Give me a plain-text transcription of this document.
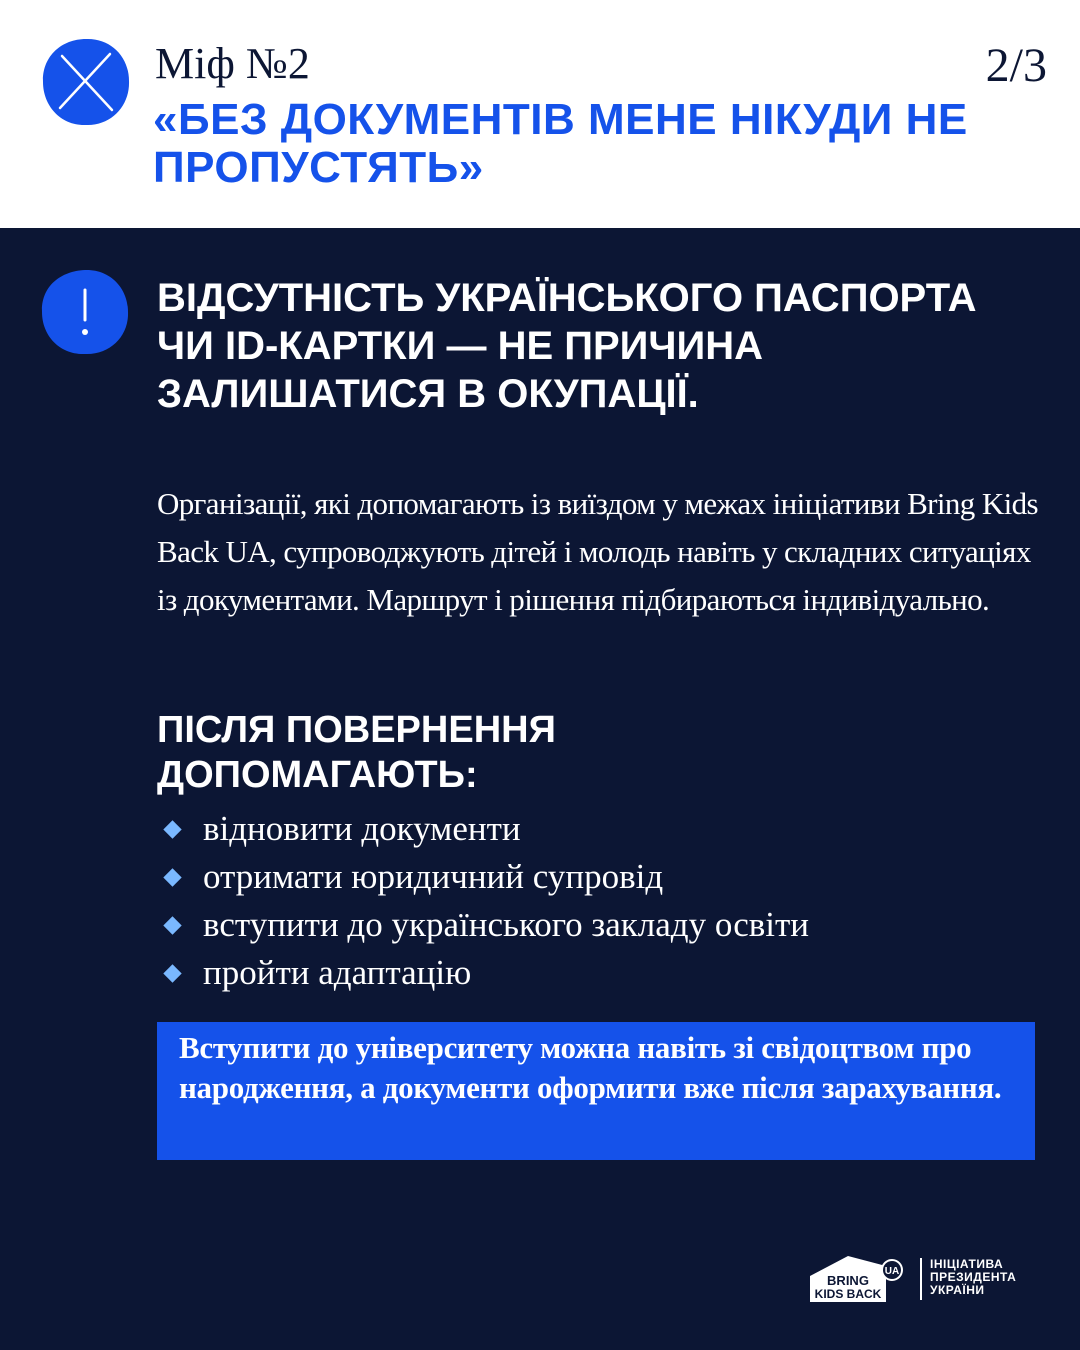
Міф №2	2/3
«БЕЗ ДОКУМЕНТІВ МЕНЕ НІКУДИ НЕ ПРОПУСТЯТЬ»
ВІДСУТНІСТЬ УКРАЇНСЬКОГО ПАСПОРТА ЧИ ID-КАРТКИ — НЕ ПРИЧИНА ЗАЛИШАТИСЯ В ОКУПАЦІЇ.
Організації, які допомагають із виїздом у межах ініціативи Bring Kids Back UA, супроводжують дітей і молодь навіть у складних ситуаціях із документами. Маршрут і рішення підбираються індивідуально.
ПІСЛЯ ПОВЕРНЕННЯ ДОПОМАГАЮТЬ:
відновити документи
отримати юридичний супровід
вступити до українського закладу освіти
пройти адаптацію
Вступити до університету можна навіть зі свідоцтвом про народження, а документи оформити вже після зарахування.
UA
BRING
KIDS BACK
ІНІЦІАТИВА
ПРЕЗИДЕНТА
УКРАЇНИ
